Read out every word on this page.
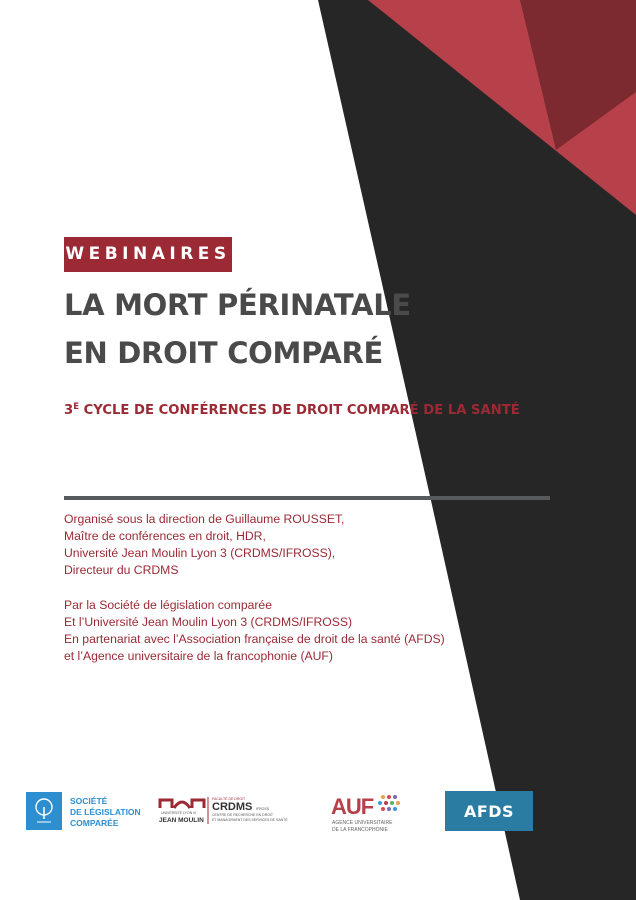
WEBINAIRES
LA MORT PÉRINATALE
EN DROIT COMPARÉ
$3^E$ CYCLE DE CONFÉRENCES DE DROIT COMPARÉ DE LA SANTÉ
Organisé sous la direction de Guillaume ROUSSET,
Maître de conférences en droit, HDR,
Université Jean Moulin Lyon 3 (CRDMS/IFROSS),
Directeur du CRDMS
Par la Société de législation comparée
Et l’Université Jean Moulin Lyon 3 (CRDMS/IFROSS)
En partenariat avec l’Association française de droit de la santé (AFDS)
et l’Agence universitaire de la francophonie (AUF)
SOCIÉTÉ
DE LÉGISLATION
COMPARÉE
UNIVERSITÉ LYON III
JEAN MOULIN
FACULTÉ DE DROIT
CRDMS IFROSS
CENTRE DE RECHERCHE EN DROIT
ET MANAGEMENT DES SERVICES DE SANTÉ
AUF
AGENCE UNIVERSITAIRE
DE LA FRANCOPHONIE
AFDS
